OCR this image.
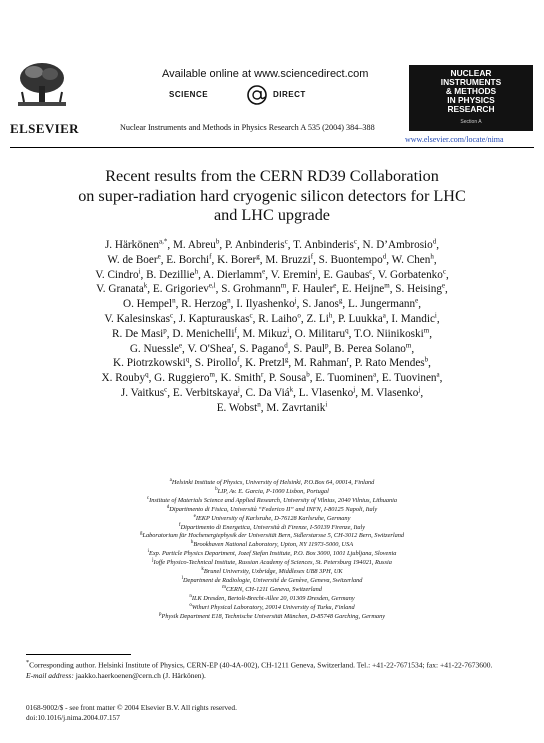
ELSEVIER
Available online at www.sciencedirect.com
SCIENCE	DIRECT
Nuclear Instruments and Methods in Physics Research A 535 (2004) 384–388
NUCLEAR
INSTRUMENTS
& METHODS
IN PHYSICS
RESEARCH
Section A
www.elsevier.com/locate/nima
Recent results from the CERN RD39 Collaboration
on super-radiation hard cryogenic silicon detectors for LHC
and LHC upgrade
J. Härkönen$^{a,*}$, M. Abreu$^b$, P. Anbinderis$^c$, T. Anbinderis$^c$, N. D’Ambrosio$^d$,
W. de Boer$^e$, E. Borchi$^f$, K. Borer$^g$, M. Bruzzi$^f$, S. Buontempo$^d$, W. Chen$^h$,
V. Cindro$^i$, B. Dezillie$^h$, A. Dierlamm$^e$, V. Eremin$^j$, E. Gaubas$^c$, V. Gorbatenko$^c$,
V. Granata$^k$, E. Grigoriev$^{e,l}$, S. Grohmann$^m$, F. Hauler$^e$, E. Heijne$^m$, S. Heising$^e$,
O. Hempel$^n$, R. Herzog$^n$, I. Ilyashenko$^j$, S. Janos$^g$, L. Jungermann$^e$,
V. Kalesinskas$^c$, J. Kapturauskas$^c$, R. Laiho$^o$, Z. Li$^h$, P. Luukka$^a$, I. Mandic$^i$,
R. De Masi$^p$, D. Menichelli$^f$, M. Mikuz$^i$, O. Militaru$^q$, T.O. Niinikoski$^m$,
G. Nuessle$^e$, V. O'Shea$^r$, S. Pagano$^d$, S. Paul$^p$, B. Perea Solano$^m$,
K. Piotrzkowski$^q$, S. Pirollo$^f$, K. Pretzl$^g$, M. Rahman$^r$, P. Rato Mendes$^b$,
X. Rouby$^q$, G. Ruggiero$^m$, K. Smith$^r$, P. Sousa$^b$, E. Tuominen$^a$, E. Tuovinen$^a$,
J. Vaitkus$^c$, E. Verbitskaya$^j$, C. Da Viá$^k$, L. Vlasenko$^j$, M. Vlasenko$^j$,
E. Wobst$^n$, M. Zavrtanik$^i$
$^a$Helsinki Institute of Physics, University of Helsinki, P.O.Box 64, 00014, Finland
$^b$LIP, Av. E. Garcia, P-1000 Lisbon, Portugal
$^c$Institute of Materials Science and Applied Research, University of Vilnius, 2040 Vilnius, Lithuania
$^d$Dipartimento di Fisica, Università “Federico II” and INFN, I-80125 Napoli, Italy
$^e$IEKP University of Karlsruhe, D-76128 Karlsruhe, Germany
$^f$Dipartimento di Energetica, Università di Firenze, I-50139 Firenze, Italy
$^g$Laboratorium für Hochenergiephysik der Universität Bern, Sidlerstarsse 5, CH-3012 Bern, Switzerland
$^h$Brookhaven National Laboratory, Upton, NY 11973-5000, USA
$^i$Exp. Particle Physics Department, Jozef Stefan Institute, P.O. Box 3000, 1001 Ljubljana, Slovenia
$^j$Ioffe Physico-Technical Institute, Russian Academy of Sciences, St. Petersburg 194021, Russia
$^k$Brunel University, Uxbridge, Middlesex UB8 3PH, UK
$^l$Department de Radiologie, Université de Genève, Geneva, Switzerland
$^m$CERN, CH-1211 Geneva, Switzerland
$^n$ILK Dresden, Bertolt-Brecht-Allee 20, 01309 Dresden, Germany
$^o$Wihuri Physical Laboratory, 20014 University of Turku, Finland
$^p$Physik Department E18, Technische Universität München, D-85748 Garching, Germany
*Corresponding author. Helsinki Institute of Physics, CERN-EP (40-4A-002), CH-1211 Geneva, Switzerland. Tel.: +41-22-7671534; fax: +41-22-7673600.
E-mail address: jaakko.haerkoenen@cern.ch (J. Härkönen).
0168-9002/$ - see front matter © 2004 Elsevier B.V. All rights reserved.
doi:10.1016/j.nima.2004.07.157
